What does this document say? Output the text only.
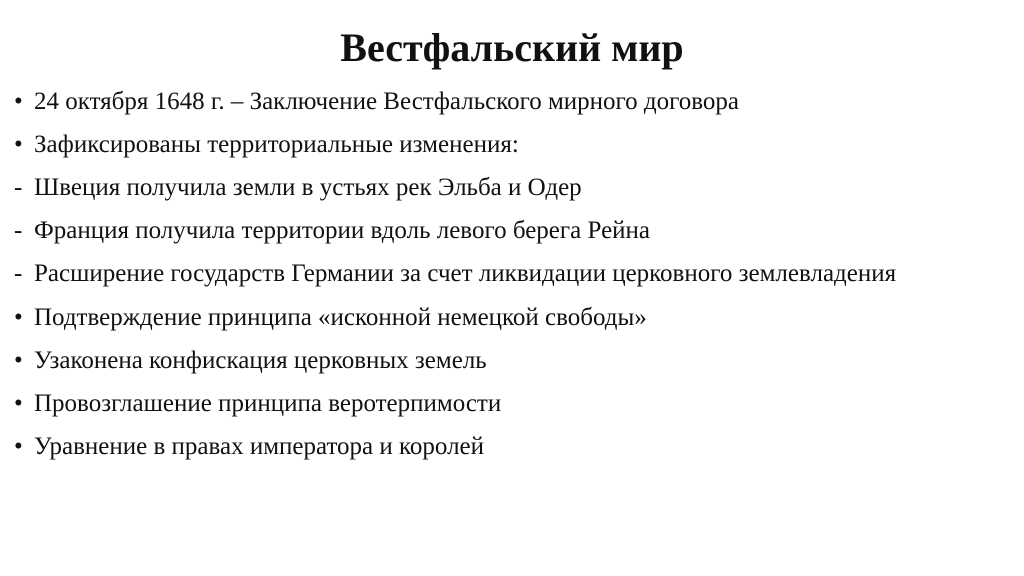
Вестфальский мир
• 24 октября 1648 г. – Заключение Вестфальского мирного договора
• Зафиксированы территориальные изменения:
- Швеция получила земли в устьях рек Эльба и Одер
- Франция получила территории вдоль левого берега Рейна
- Расширение государств Германии за счет ликвидации церковного землевладения
• Подтверждение принципа «исконной немецкой свободы»
• Узаконена конфискация церковных земель
• Провозглашение принципа веротерпимости
• Уравнение в правах императора и королей
